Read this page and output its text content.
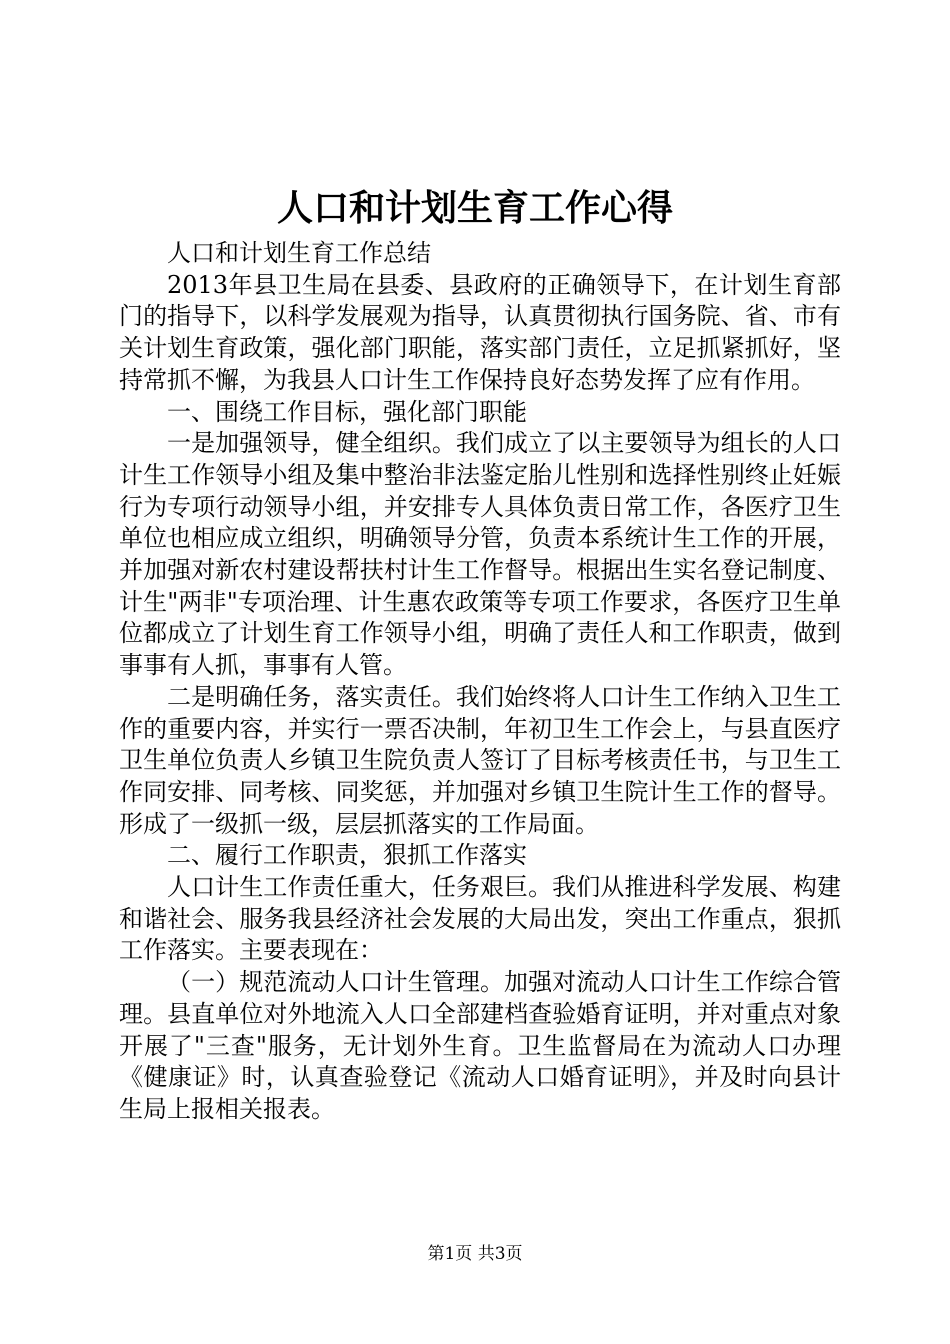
人口和计划生育工作心得

人口和计划生育工作总结

2013年县卫生局在县委、县政府的正确领导下，在计划生育部门的指导下，以科学发展观为指导，认真贯彻执行国务院、省、市有关计划生育政策，强化部门职能，落实部门责任，立足抓紧抓好，坚持常抓不懈，为我县人口计生工作保持良好态势发挥了应有作用。

一、围绕工作目标，强化部门职能

一是加强领导，健全组织。我们成立了以主要领导为组长的人口计生工作领导小组及集中整治非法鉴定胎儿性别和选择性别终止妊娠行为专项行动领导小组，并安排专人具体负责日常工作，各医疗卫生单位也相应成立组织，明确领导分管，负责本系统计生工作的开展，并加强对新农村建设帮扶村计生工作督导。根据出生实名登记制度、计生"两非"专项治理、计生惠农政策等专项工作要求，各医疗卫生单位都成立了计划生育工作领导小组，明确了责任人和工作职责，做到事事有人抓，事事有人管。

二是明确任务，落实责任。我们始终将人口计生工作纳入卫生工作的重要内容，并实行一票否决制，年初卫生工作会上，与县直医疗卫生单位负责人乡镇卫生院负责人签订了目标考核责任书，与卫生工作同安排、同考核、同奖惩，并加强对乡镇卫生院计生工作的督导。形成了一级抓一级，层层抓落实的工作局面。

二、履行工作职责，狠抓工作落实

人口计生工作责任重大，任务艰巨。我们从推进科学发展、构建和谐社会、服务我县经济社会发展的大局出发，突出工作重点，狠抓工作落实。主要表现在：

（一）规范流动人口计生管理。加强对流动人口计生工作综合管理。县直单位对外地流入人口全部建档查验婚育证明，并对重点对象开展了"三查"服务，无计划外生育。卫生监督局在为流动人口办理《健康证》时，认真查验登记《流动人口婚育证明》，并及时向县计生局上报相关报表。

第1页 共3页
